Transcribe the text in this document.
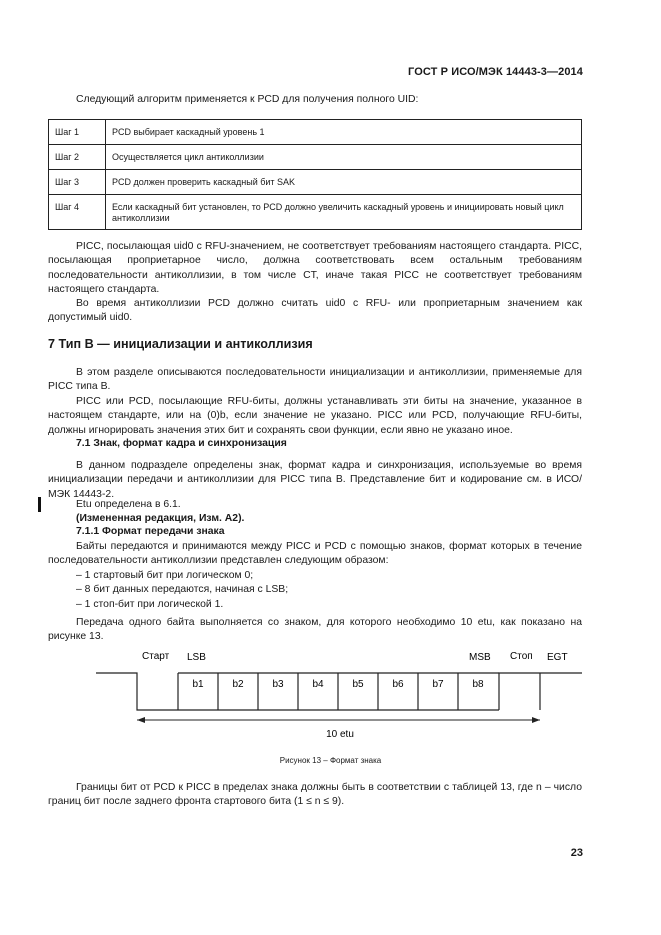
ГОСТ Р ИСО/МЭК 14443-3—2014
Следующий алгоритм применяется к PCD для получения полного UID:
Шаг 1	PCD выбирает каскадный уровень 1
Шаг 2	Осуществляется цикл антиколлизии
Шаг 3	PCD должен проверить каскадный бит SAK
Шаг 4	Если каскадный бит установлен, то PCD должно увеличить каскадный уровень и инициировать новый цикл антиколлизии
PICC, посылающая uid0 с RFU-значением, не соответствует требованиям настоящего стандарта. PICC, посылающая проприетарное число, должна соответствовать всем остальным требованиям последовательности антиколлизии, в том числе CT, иначе такая PICC не соответствует требованиям настоящего стандарта.
Во время антиколлизии PCD должно считать uid0 с RFU- или проприетарным значением как допустимый uid0.
7 Тип B — инициализации и антиколлизия
В этом разделе описываются последовательности инициализации и антиколлизии, применяемые для PICC типа B.
PICC или PCD, посылающие RFU-биты, должны устанавливать эти биты на значение, указанное в настоящем стандарте, или на (0)b, если значение не указано. PICC или PCD, получающие RFU-биты, должны игнорировать значения этих бит и сохранять свои функции, если явно не указано иное.
7.1 Знак, формат кадра и синхронизация
В данном подразделе определены знак, формат кадра и синхронизация, используемые во время инициализации передачи и антиколлизии для PICC типа B. Представление бит и кодирование см. в ИСО/МЭК 14443-2.
Etu определена в 6.1.
(Измененная редакция, Изм. А2).
7.1.1 Формат передачи знака
Байты передаются и принимаются между PICC и PCD с помощью знаков, формат которых в течение последовательности антиколлизии представлен следующим образом:
– 1 стартовый бит при логическом 0;
– 8 бит данных передаются, начиная с LSB;
– 1 стоп-бит при логической 1.
Передача одного байта выполняется со знаком, для которого необходимо 10 etu, как показано на рисунке 13.
Старт LSB	MSB Стоп EGT
b1	b2	b3	b4	b5	b6	b7	b8
10 etu
Рисунок 13 – Формат знака
Границы бит от PCD к PICC в пределах знака должны быть в соответствии с таблицей 13, где n – число границ бит после заднего фронта стартового бита (1 ≤ n ≤ 9).
23
